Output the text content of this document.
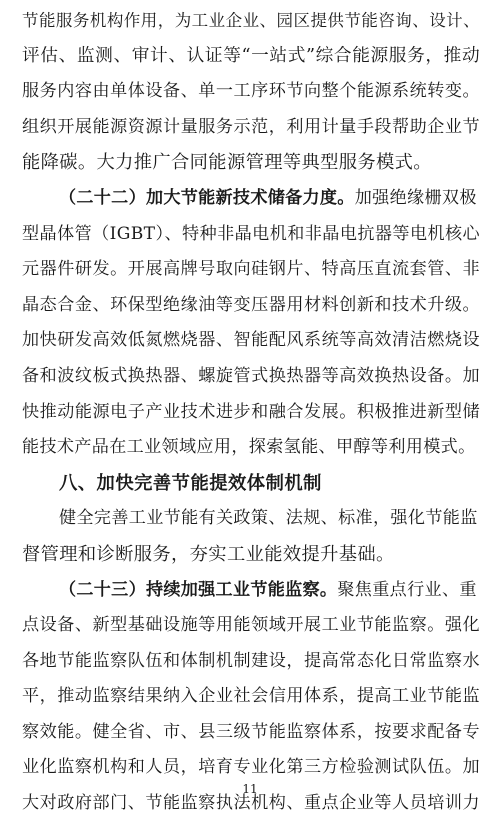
节能服务机构作用，为工业企业、园区提供节能咨询、设计、
评估、监测、审计、认证等“一站式”综合能源服务，推动
服务内容由单体设备、单一工序环节向整个能源系统转变。
组织开展能源资源计量服务示范，利用计量手段帮助企业节
能降碳。大力推广合同能源管理等典型服务模式。
（二十二）加大节能新技术储备力度。加强绝缘栅双极
型晶体管（IGBT）、特种非晶电机和非晶电抗器等电机核心
元器件研发。开展高牌号取向硅钢片、特高压直流套管、非
晶态合金、环保型绝缘油等变压器用材料创新和技术升级。
加快研发高效低氮燃烧器、智能配风系统等高效清洁燃烧设
备和波纹板式换热器、螺旋管式换热器等高效换热设备。加
快推动能源电子产业技术进步和融合发展。积极推进新型储
能技术产品在工业领域应用，探索氢能、甲醇等利用模式。
八、加快完善节能提效体制机制
健全完善工业节能有关政策、法规、标准，强化节能监
督管理和诊断服务，夯实工业能效提升基础。
（二十三）持续加强工业节能监察。聚焦重点行业、重
点设备、新型基础设施等用能领域开展工业节能监察。强化
各地节能监察队伍和体制机制建设，提高常态化日常监察水
平，推动监察结果纳入企业社会信用体系，提高工业节能监
察效能。健全省、市、县三级节能监察体系，按要求配备专
业化监察机构和人员，培育专业化第三方检验测试队伍。加
大对政府部门、节能监察执法机构、重点企业等人员培训力
11
